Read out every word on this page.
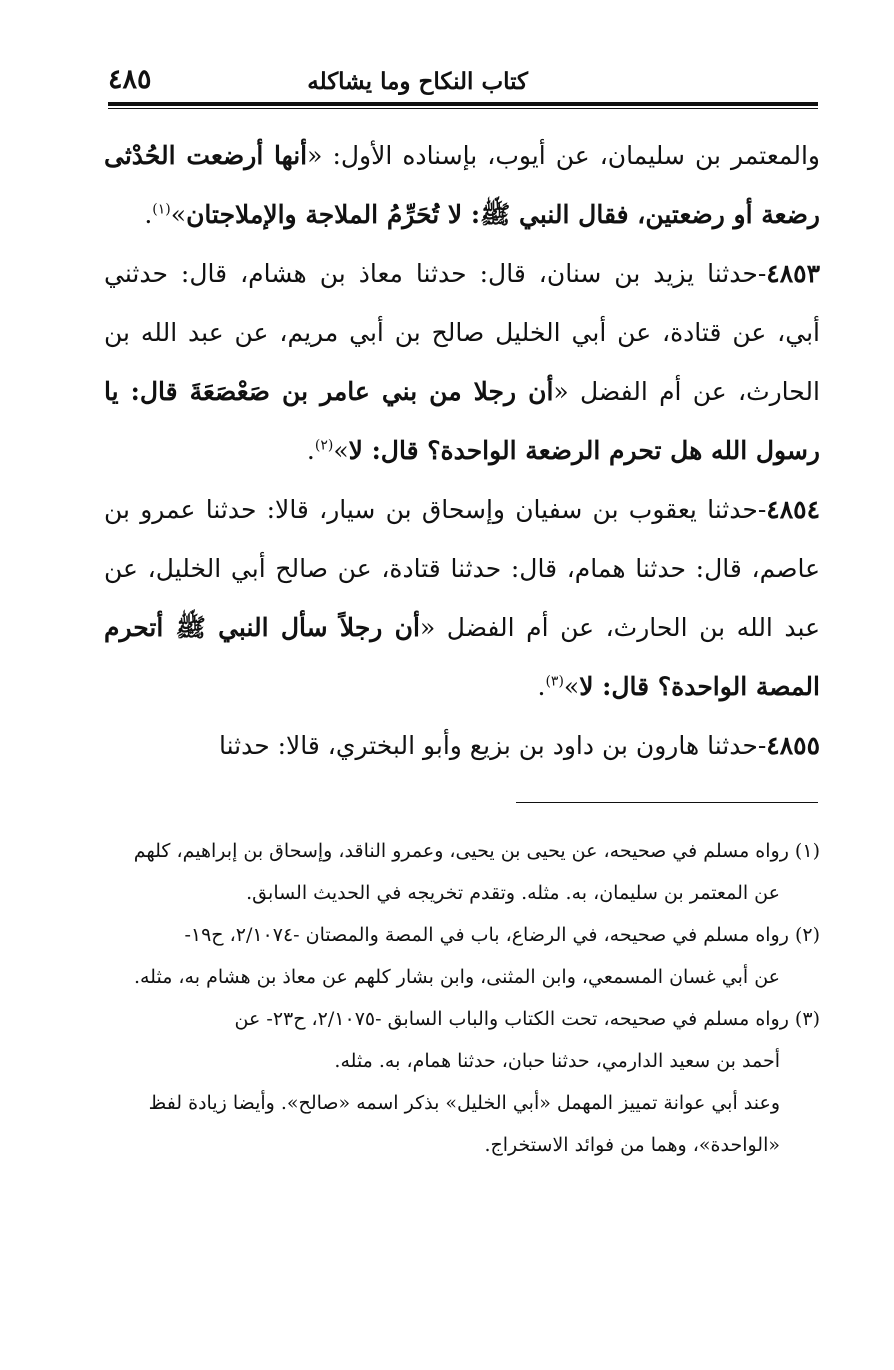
كتاب النكاح وما يشاكله
٤٨٥

والمعتمر بن سليمان، عن أيوب، بإسناده الأول: «أنها أرضعت الحُدْثى رضعة أو رضعتين، فقال النبي ﷺ: لا تُحَرِّمُ الملاجة والإملاجتان»$^{(١)}$.

٤٨٥٣-حدثنا يزيد بن سنان، قال: حدثنا معاذ بن هشام، قال: حدثني أبي، عن قتادة، عن أبي الخليل صالح بن أبي مريم، عن عبد الله بن الحارث، عن أم الفضل «أن رجلا من بني عامر بن صَعْصَعَةَ قال: يا رسول الله هل تحرم الرضعة الواحدة؟ قال: لا»$^{(٢)}$.

٤٨٥٤-حدثنا يعقوب بن سفيان وإسحاق بن سيار، قالا: حدثنا عمرو بن عاصم، قال: حدثنا همام، قال: حدثنا قتادة، عن صالح أبي الخليل، عن عبد الله بن الحارث، عن أم الفضل «أن رجلاً سأل النبي ﷺ أتحرم المصة الواحدة؟ قال: لا»$^{(٣)}$.

٤٨٥٥-حدثنا هارون بن داود بن بزيع وأبو البختري، قالا: حدثنا

(١) رواه مسلم في صحيحه، عن يحيى بن يحيى، وعمرو الناقد، وإسحاق بن إبراهيم، كلهم

عن المعتمر بن سليمان، به. مثله. وتقدم تخريجه في الحديث السابق.

(٢) رواه مسلم في صحيحه، في الرضاع، باب في المصة والمصتان -٢/١٠٧٤، ح١٩-

عن أبي غسان المسمعي، وابن المثنى، وابن بشار كلهم عن معاذ بن هشام به، مثله.

(٣) رواه مسلم في صحيحه، تحت الكتاب والباب السابق -٢/١٠٧٥، ح٢٣- عن

أحمد بن سعيد الدارمي، حدثنا حبان، حدثنا همام، به. مثله.

وعند أبي عوانة تمييز المهمل «أبي الخليل» بذكر اسمه «صالح». وأيضا زيادة لفظ

«الواحدة»، وهما من فوائد الاستخراج.
